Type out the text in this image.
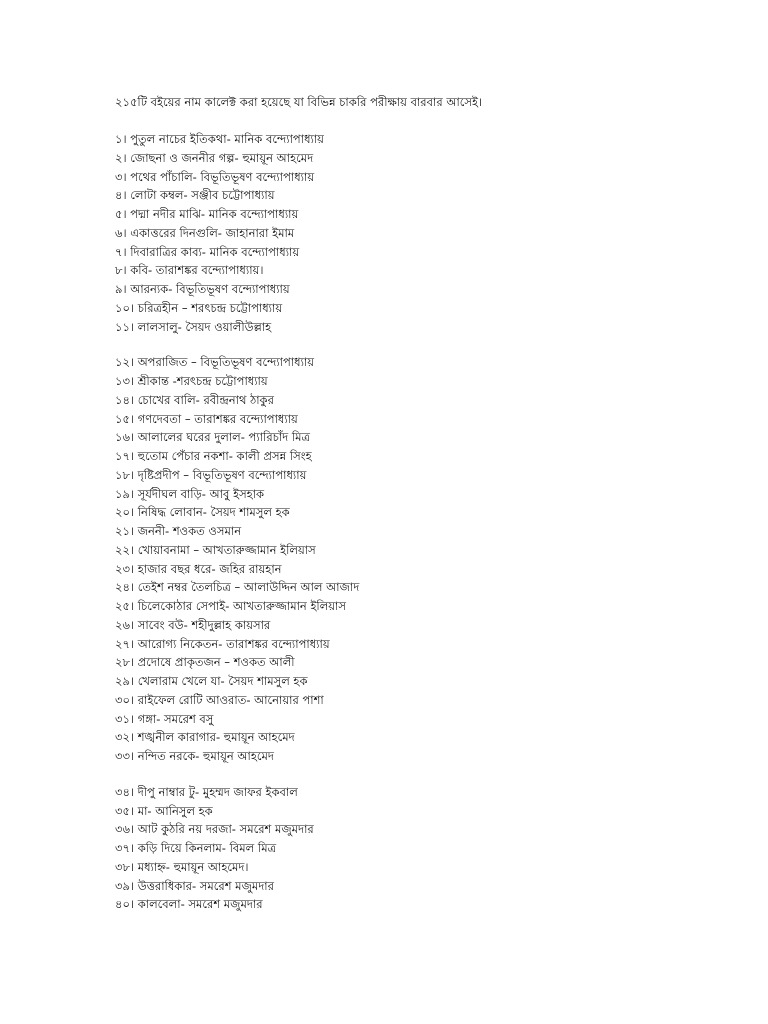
২১৫টি বইয়ের নাম কালেক্ট করা হয়েছে যা বিভিন্ন চাকরি পরীক্ষায় বারবার আসেই।

১। পুতুল নাচের ইতিকথা- মানিক বন্দ্যোপাধ্যায়
২। জোছনা ও জননীর গল্প- হুমায়ূন আহমেদ
৩। পথের পাঁচালি- বিভূতিভূষণ বন্দ্যোপাধ্যায়
৪। লোটা কম্বল- সঞ্জীব চট্টোপাধ্যায়
৫। পদ্মা নদীর মাঝি- মানিক বন্দ্যোপাধ্যায়
৬। একাত্তরের দিনগুলি- জাহানারা ইমাম
৭। দিবারাত্রির কাব্য- মানিক বন্দ্যোপাধ্যায়
৮। কবি- তারাশঙ্কর বন্দ্যোপাধ্যায়।
৯। আরন্যক- বিভূতিভূষণ বন্দ্যোপাধ্যায়
১০। চরিত্রহীন – শরৎচন্দ্র চট্টোপাধ্যায়
১১। লালসালু- সৈয়দ ওয়ালীউল্লাহ
১২। অপরাজিত – বিভূতিভূষণ বন্দ্যোপাধ্যায়
১৩। শ্রীকান্ত -শরৎচন্দ্র চট্টোপাধ্যায়
১৪। চোখের বালি- রবীন্দ্রনাথ ঠাকুর
১৫। গণদেবতা – তারাশঙ্কর বন্দ্যোপাধ্যায়
১৬। আলালের ঘরের দুলাল- প্যারিচাঁদ মিত্র
১৭। হুতোম পেঁচার নকশা- কালী প্রসন্ন সিংহ
১৮। দৃষ্টিপ্রদীপ – বিভূতিভূষণ বন্দ্যোপাধ্যায়
১৯। সূর্যদীঘল বাড়ি- আবু ইসহাক
২০। নিষিদ্ধ লোবান- সৈয়দ শামসুল হক
২১। জননী- শওকত ওসমান
২২। খোয়াবনামা – আখতারুজ্জামান ইলিয়াস
২৩। হাজার বছর ধরে- জহির রায়হান
২৪। তেইশ নম্বর তৈলচিত্র – আলাউদ্দিন আল আজাদ
২৫। চিলেকোঠার সেপাই- আখতারুজ্জামান ইলিয়াস
২৬। সাবেং বউ- শহীদুল্লাহ কায়সার
২৭। আরোগ্য নিকেতন- তারাশঙ্কর বন্দ্যোপাধ্যায়
২৮। প্রদোষে প্রাকৃতজন – শওকত আলী
২৯। খেলারাম খেলে যা- সৈয়দ শামসুল হক
৩০। রাইফেল রোটি আওরাত- আনোয়ার পাশা
৩১। গঙ্গা- সমরেশ বসু
৩২। শঙ্খনীল কারাগার- হুমায়ূন আহমেদ
৩৩। নন্দিত নরকে- হুমায়ূন আহমেদ
৩৪। দীপু নাম্বার টু- মুহম্মদ জাফর ইকবাল
৩৫। মা- আনিসুল হক
৩৬। আট কুঠরি নয় দরজা- সমরেশ মজুমদার
৩৭। কড়ি দিয়ে কিনলাম- বিমল মিত্র
৩৮। মধ্যাহ্ন- হুমায়ূন আহমেদ।
৩৯। উত্তরাধিকার- সমরেশ মজুমদার
৪০। কালবেলা- সমরেশ মজুমদার
